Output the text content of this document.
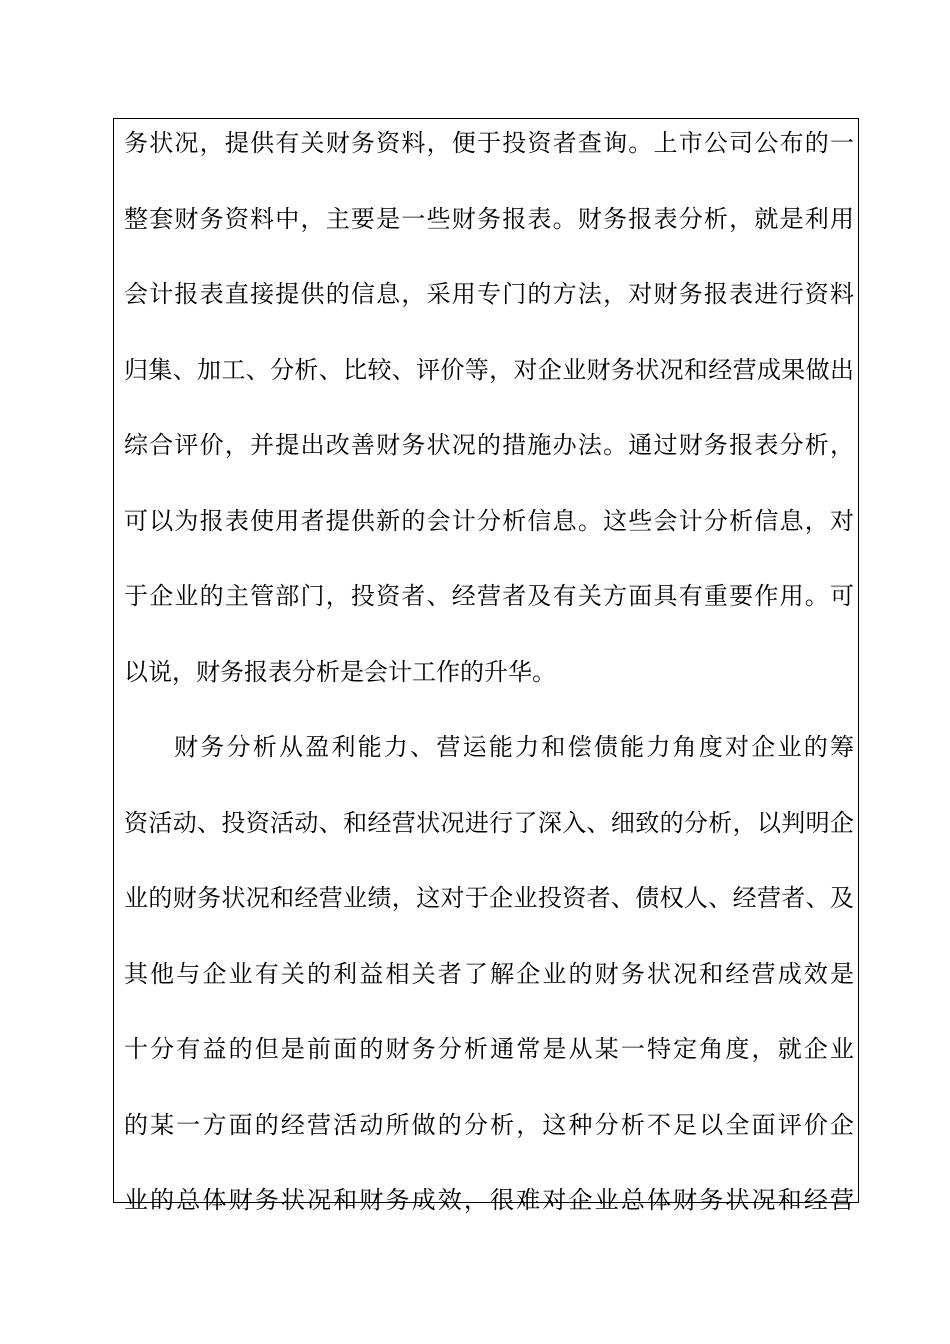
务状况，提供有关财务资料，便于投资者查询。上市公司公布的一
整套财务资料中，主要是一些财务报表。财务报表分析，就是利用
会计报表直接提供的信息，采用专门的方法，对财务报表进行资料
归集、加工、分析、比较、评价等，对企业财务状况和经营成果做出
综合评价，并提出改善财务状况的措施办法。通过财务报表分析，
可以为报表使用者提供新的会计分析信息。这些会计分析信息，对
于企业的主管部门，投资者、经营者及有关方面具有重要作用。可
以说，财务报表分析是会计工作的升华。
财务分析从盈利能力、营运能力和偿债能力角度对企业的筹
资活动、投资活动、和经营状况进行了深入、细致的分析，以判明企
业的财务状况和经营业绩，这对于企业投资者、债权人、经营者、及
其他与企业有关的利益相关者了解企业的财务状况和经营成效是
十分有益的但是前面的财务分析通常是从某一特定角度，就企业
的某一方面的经营活动所做的分析，这种分析不足以全面评价企
业的总体财务状况和财务成效，很难对企业总体财务状况和经营
